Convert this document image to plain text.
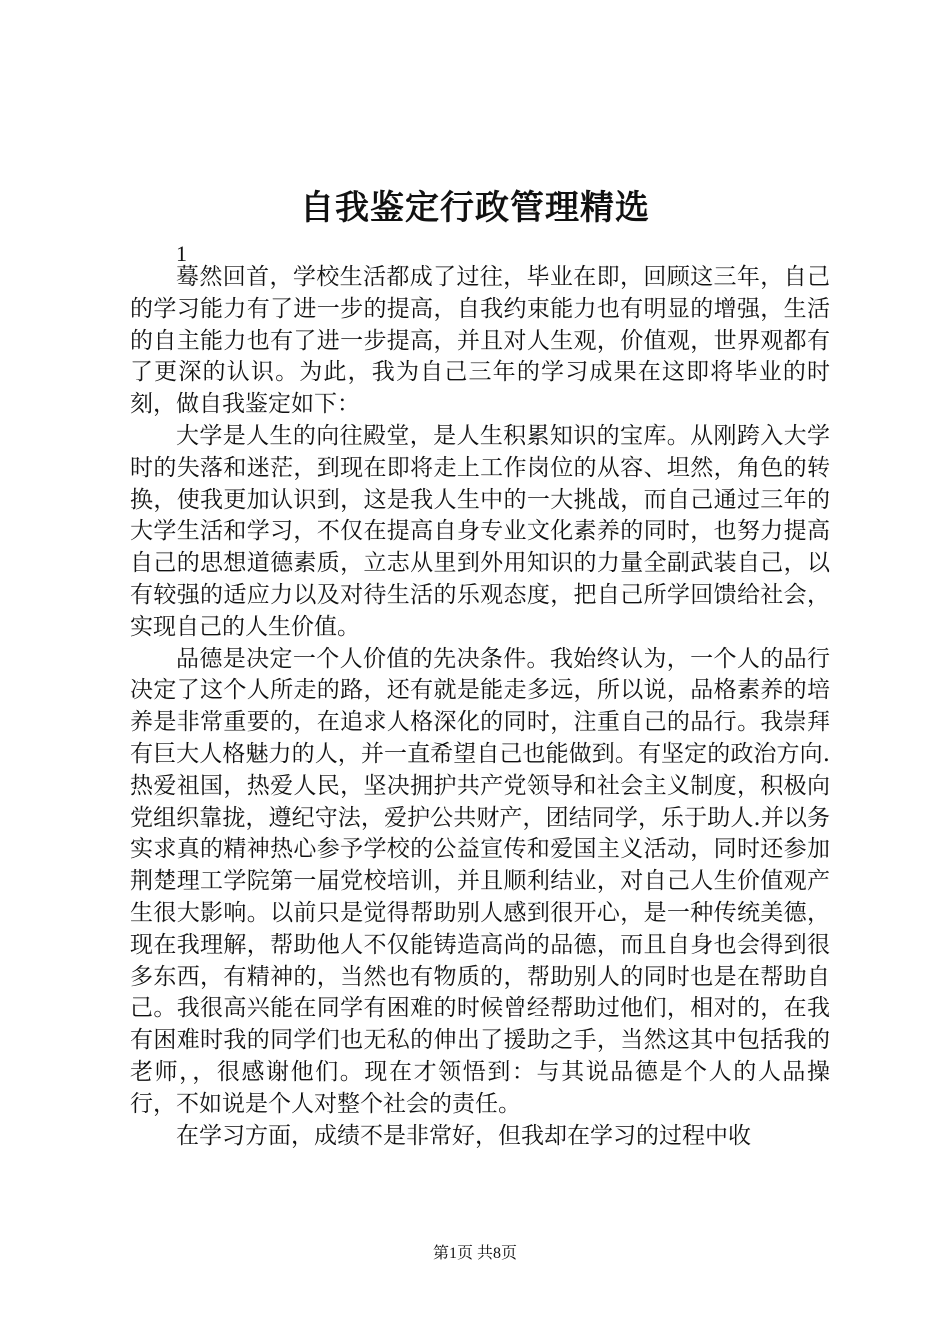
自我鉴定行政管理精选
1

蓦然回首，学校生活都成了过往，毕业在即，回顾这三年，自己的学习能力有了进一步的提高，自我约束能力也有明显的增强，生活的自主能力也有了进一步提高，并且对人生观，价值观，世界观都有了更深的认识。为此，我为自己三年的学习成果在这即将毕业的时刻，做自我鉴定如下：

大学是人生的向往殿堂，是人生积累知识的宝库。从刚跨入大学时的失落和迷茫，到现在即将走上工作岗位的从容、坦然，角色的转换，使我更加认识到，这是我人生中的一大挑战，而自己通过三年的大学生活和学习，不仅在提高自身专业文化素养的同时，也努力提高自己的思想道德素质，立志从里到外用知识的力量全副武装自己，以有较强的适应力以及对待生活的乐观态度，把自己所学回馈给社会，实现自己的人生价值。

品德是决定一个人价值的先决条件。我始终认为，一个人的品行决定了这个人所走的路，还有就是能走多远，所以说，品格素养的培养是非常重要的，在追求人格深化的同时，注重自己的品行。我崇拜有巨大人格魅力的人，并一直希望自己也能做到。有坚定的政治方向.热爱祖国，热爱人民，坚决拥护共产党领导和社会主义制度，积极向党组织靠拢，遵纪守法，爱护公共财产，团结同学，乐于助人.并以务实求真的精神热心参予学校的公益宣传和爱国主义活动，同时还参加荆楚理工学院第一届党校培训，并且顺利结业，对自己人生价值观产生很大影响。以前只是觉得帮助别人感到很开心，是一种传统美德，现在我理解，帮助他人不仅能铸造高尚的品德，而且自身也会得到很多东西，有精神的，当然也有物质的，帮助别人的同时也是在帮助自己。我很高兴能在同学有困难的时候曾经帮助过他们，相对的，在我有困难时我的同学们也无私的伸出了援助之手，当然这其中包括我的老师，，很感谢他们。现在才领悟到：与其说品德是个人的人品操行，不如说是个人对整个社会的责任。

在学习方面，成绩不是非常好，但我却在学习的过程中收

第1页 共8页
